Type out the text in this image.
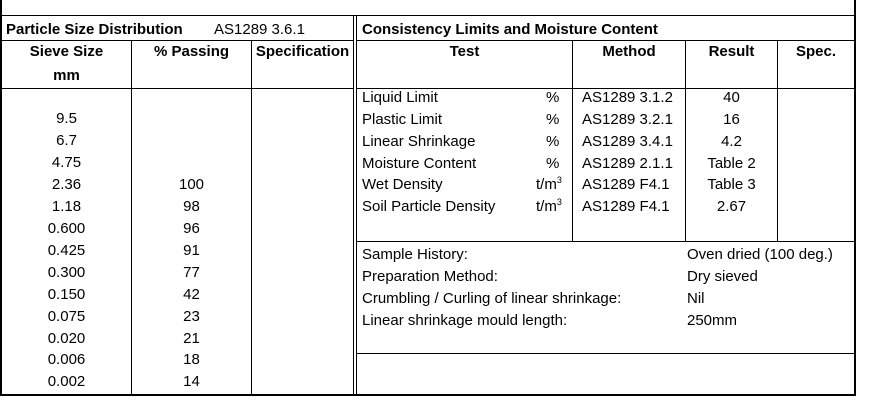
Particle Size Distribution AS1289 3.6.1
Sieve Size
mm
% Passing	Specification
9.5
6.7
4.75
2.36	100
1.18	98
0.600	96
0.425	91
0.300	77
0.150	42
0.075	23
0.020	21
0.006	18
0.002	14
Consistency Limits and Moisture Content
Test	Method	Result	Spec.
Liquid Limit	% AS1289 3.1.2	40
Plastic Limit	% AS1289 3.2.1	16
Linear Shrinkage	% AS1289 3.4.1	4.2
Moisture Content	% AS1289 2.1.1	Table 2
Wet Density	$t/m^3$ AS1289 F4.1	Table 3
Soil Particle Density	$t/m^3$ AS1289 F4.1	2.67
Sample History:	Oven dried (100 deg.)
Preparation Method:	Dry sieved
Crumbling / Curling of linear shrinkage:	Nil
Linear shrinkage mould length:	250mm
